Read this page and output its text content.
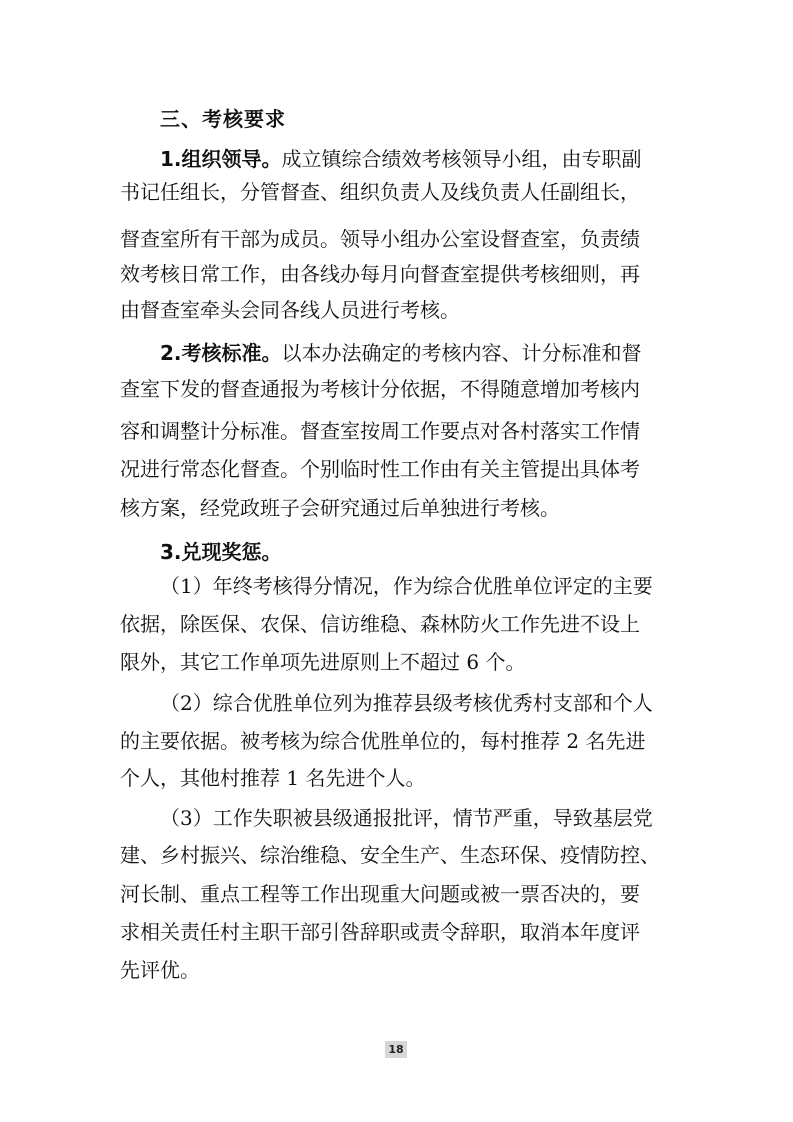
三、考核要求

1.组织领导。成立镇综合绩效考核领导小组，由专职副

书记任组长，分管督查、组织负责人及线负责人任副组长，

督查室所有干部为成员。领导小组办公室设督查室，负责绩

效考核日常工作，由各线办每月向督查室提供考核细则，再

由督查室牵头会同各线人员进行考核。

2.考核标准。以本办法确定的考核内容、计分标准和督

查室下发的督查通报为考核计分依据，不得随意增加考核内

容和调整计分标准。督查室按周工作要点对各村落实工作情

况进行常态化督查。个别临时性工作由有关主管提出具体考

核方案，经党政班子会研究通过后单独进行考核。

3.兑现奖惩。

（1）年终考核得分情况，作为综合优胜单位评定的主要

依据，除医保、农保、信访维稳、森林防火工作先进不设上

限外，其它工作单项先进原则上不超过 6 个。

（2）综合优胜单位列为推荐县级考核优秀村支部和个人

的主要依据。被考核为综合优胜单位的，每村推荐 2 名先进

个人，其他村推荐 1 名先进个人。

（3）工作失职被县级通报批评，情节严重，导致基层党

建、乡村振兴、综治维稳、安全生产、生态环保、疫情防控、

河长制、重点工程等工作出现重大问题或被一票否决的，要

求相关责任村主职干部引咎辞职或责令辞职，取消本年度评

先评优。

18
